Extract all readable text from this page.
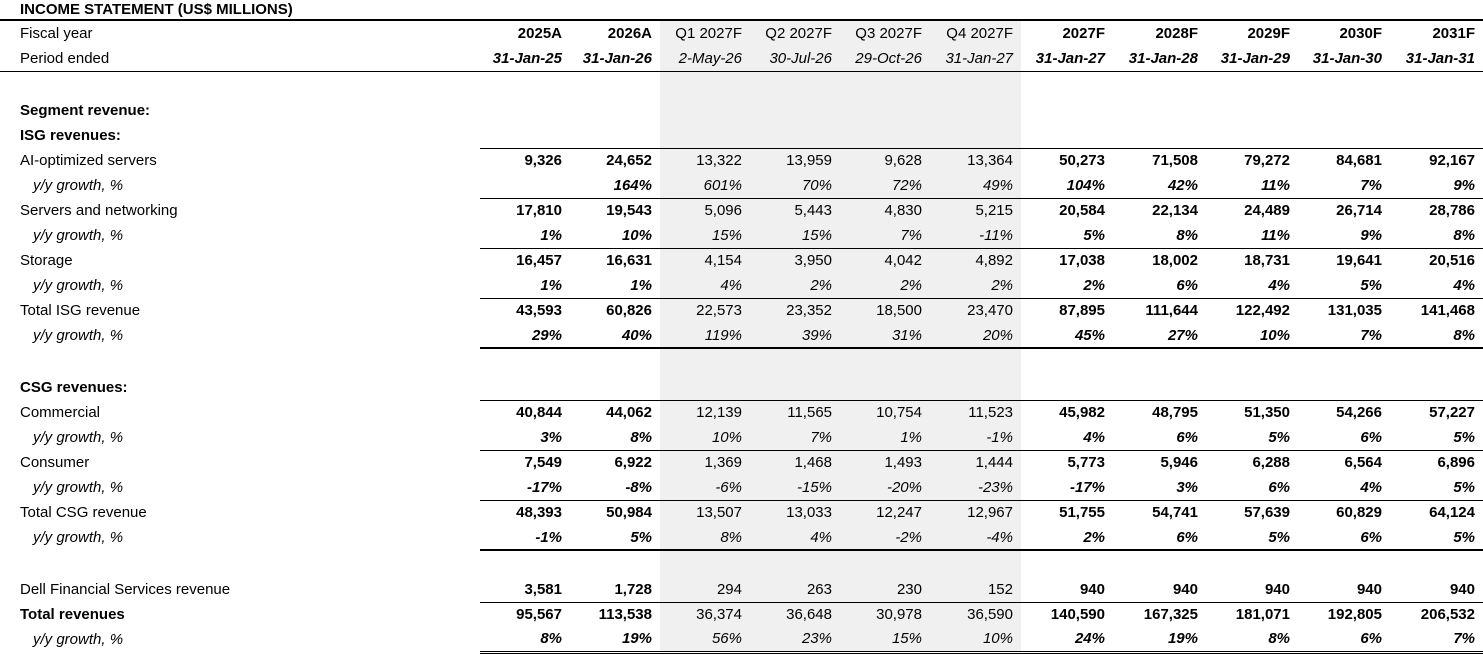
INCOME STATEMENT (US$ MILLIONS)
Fiscal year	2025A	2026A	Q1 2027F	Q2 2027F	Q3 2027F	Q4 2027F	2027F	2028F	2029F	2030F	2031F
Period ended	31-Jan-25	31-Jan-26	2-May-26	30-Jul-26	29-Oct-26	31-Jan-27	31-Jan-27	31-Jan-28	31-Jan-29	31-Jan-30	31-Jan-31

Segment revenue:											
ISG revenues:											
AI-optimized servers	9,326	24,652	13,322	13,959	9,628	13,364	50,273	71,508	79,272	84,681	92,167
y/y growth, %		164%	601%	70%	72%	49%	104%	42%	11%	7%	9%
Servers and networking	17,810	19,543	5,096	5,443	4,830	5,215	20,584	22,134	24,489	26,714	28,786
y/y growth, %	1%	10%	15%	15%	7%	-11%	5%	8%	11%	9%	8%
Storage	16,457	16,631	4,154	3,950	4,042	4,892	17,038	18,002	18,731	19,641	20,516
y/y growth, %	1%	1%	4%	2%	2%	2%	2%	6%	4%	5%	4%
Total ISG revenue	43,593	60,826	22,573	23,352	18,500	23,470	87,895	111,644	122,492	131,035	141,468
y/y growth, %	29%	40%	119%	39%	31%	20%	45%	27%	10%	7%	8%

CSG revenues:											
Commercial	40,844	44,062	12,139	11,565	10,754	11,523	45,982	48,795	51,350	54,266	57,227
y/y growth, %	3%	8%	10%	7%	1%	-1%	4%	6%	5%	6%	5%
Consumer	7,549	6,922	1,369	1,468	1,493	1,444	5,773	5,946	6,288	6,564	6,896
y/y growth, %	-17%	-8%	-6%	-15%	-20%	-23%	-17%	3%	6%	4%	5%
Total CSG revenue	48,393	50,984	13,507	13,033	12,247	12,967	51,755	54,741	57,639	60,829	64,124
y/y growth, %	-1%	5%	8%	4%	-2%	-4%	2%	6%	5%	6%	5%

Dell Financial Services revenue	3,581	1,728	294	263	230	152	940	940	940	940	940
Total revenues	95,567	113,538	36,374	36,648	30,978	36,590	140,590	167,325	181,071	192,805	206,532
y/y growth, %	8%	19%	56%	23%	15%	10%	24%	19%	8%	6%	7%
